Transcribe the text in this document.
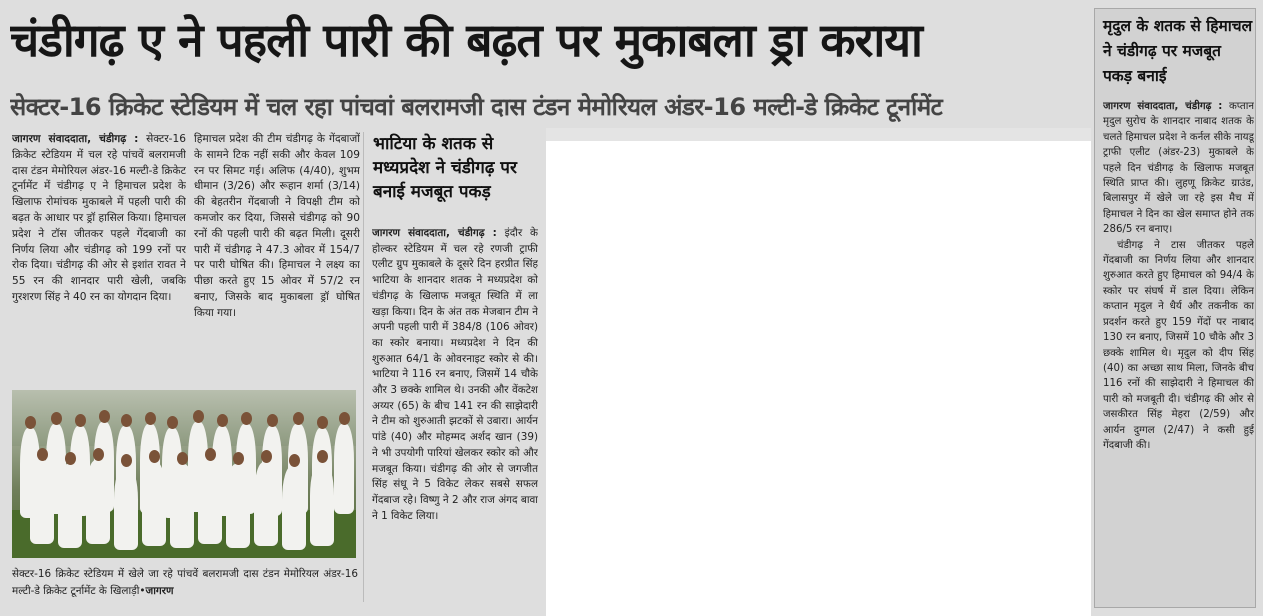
चंडीगढ़ ए ने पहली पारी की बढ़त पर मुकाबला ड्रा कराया
सेक्टर-16 क्रिकेट स्टेडियम में चल रहा पांचवां बलरामजी दास टंडन मेमोरियल अंडर-16 मल्टी-डे क्रिकेट टूर्नामेंट
जागरण संवाददाता, चंडीगढ़ : सेक्टर-16 क्रिकेट स्टेडियम में चल रहे पांचवें बलरामजी दास टंडन मेमोरियल अंडर-16 मल्टी-डे क्रिकेट टूर्नामेंट में चंडीगढ़ ए ने हिमाचल प्रदेश के खिलाफ रोमांचक मुकाबले में पहली पारी की बढ़त के आधार पर ड्रॉ हासिल किया। हिमाचल प्रदेश ने टॉस जीतकर पहले गेंदबाजी का निर्णय लिया और चंडीगढ़ को 199 रनों पर रोक दिया। चंडीगढ़ की ओर से इशांत रावत ने 55 रन की शानदार पारी खेली, जबकि गुरशरण सिंह ने 40 रन का योगदान दिया।
हिमाचल प्रदेश की टीम चंडीगढ़ के गेंदबाजों के सामने टिक नहीं सकी और केवल 109 रन पर सिमट गई। अलिफ (4/40), शुभम धीमान (3/26) और रूहान शर्मा (3/14) की बेहतरीन गेंदबाजी ने विपक्षी टीम को कमजोर कर दिया, जिससे चंडीगढ़ को 90 रनों की पहली पारी की बढ़त मिली। दूसरी पारी में चंडीगढ़ ने 47.3 ओवर में 154/7 पर पारी घोषित की। हिमाचल ने लक्ष्य का पीछा करते हुए 15 ओवर में 57/2 रन बनाए, जिसके बाद मुकाबला ड्रॉ घोषित किया गया।
सेक्टर-16 क्रिकेट स्टेडियम में खेले जा रहे पांचवें बलरामजी दास टंडन मेमोरियल अंडर-16 मल्टी-डे क्रिकेट टूर्नामेंट के खिलाड़ी•जागरण
भाटिया के शतक से मध्यप्रदेश ने चंडीगढ़ पर बनाई मजबूत पकड़
जागरण संवाददाता, चंडीगढ़ : इंदौर के होल्कर स्टेडियम में चल रहे रणजी ट्राफी एलीट ग्रुप मुकाबले के दूसरे दिन हरप्रीत सिंह भाटिया के शानदार शतक ने मध्यप्रदेश को चंडीगढ़ के खिलाफ मजबूत स्थिति में ला खड़ा किया। दिन के अंत तक मेजबान टीम ने अपनी पहली पारी में 384/8 (106 ओवर) का स्कोर बनाया। मध्यप्रदेश ने दिन की शुरुआत 64/1 के ओवरनाइट स्कोर से की। भाटिया ने 116 रन बनाए, जिसमें 14 चौके और 3 छक्के शामिल थे। उनकी और वेंकटेश अय्यर (65) के बीच 141 रन की साझेदारी ने टीम को शुरुआती झटकों से उबारा। आर्यन पांडे (40) और मोहम्मद अर्शद खान (39) ने भी उपयोगी पारियां खेलकर स्कोर को और मजबूत किया। चंडीगढ़ की ओर से जगजीत सिंह संधू ने 5 विकेट लेकर सबसे सफल गेंदबाज रहे। विष्णु ने 2 और राज अंगद बावा ने 1 विकेट लिया।
मृदुल के शतक से हिमाचल ने चंडीगढ़ पर मजबूत पकड़ बनाई
जागरण संवाददाता, चंडीगढ़ : कप्तान मृदुल सुरोच के शानदार नाबाद शतक के चलते हिमाचल प्रदेश ने कर्नल सीके नायडू ट्राफी एलीट (अंडर-23) मुकाबले के पहले दिन चंडीगढ़ के खिलाफ मजबूत स्थिति प्राप्त की। लुहणू क्रिकेट ग्राउंड, बिलासपुर में खेले जा रहे इस मैच में हिमाचल ने दिन का खेल समाप्त होने तक 286/5 रन बनाए।
चंडीगढ़ ने टास जीतकर पहले गेंदबाजी का निर्णय लिया और शानदार शुरुआत करते हुए हिमाचल को 94/4 के स्कोर पर संघर्ष में डाल दिया। लेकिन कप्तान मृदुल ने धैर्य और तकनीक का प्रदर्शन करते हुए 159 गेंदों पर नाबाद 130 रन बनाए, जिसमें 10 चौके और 3 छक्के शामिल थे। मृदुल को दीप सिंह (40) का अच्छा साथ मिला, जिनके बीच 116 रनों की साझेदारी ने हिमाचल की पारी को मजबूती दी। चंडीगढ़ की ओर से जसकीरत सिंह मेहरा (2/59) और आर्यन दुग्गल (2/47) ने कसी हुई गेंदबाजी की।
